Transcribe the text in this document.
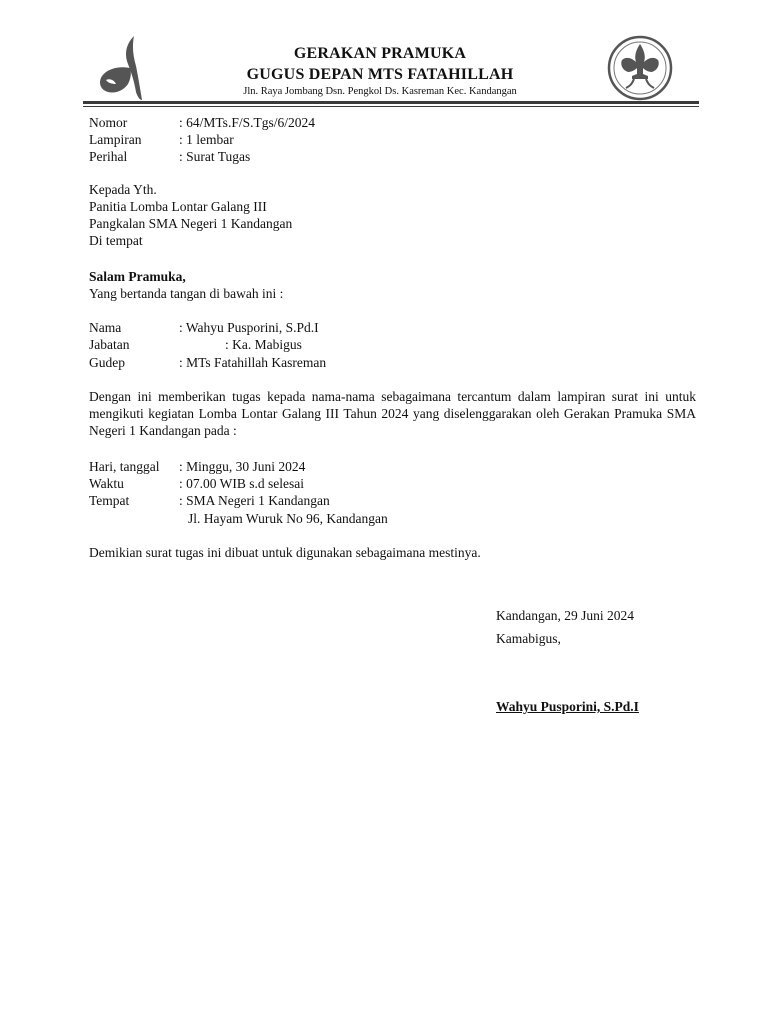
GERAKAN PRAMUKA
GUGUS DEPAN MTS FATAHILLAH
Jln. Raya Jombang Dsn. Pengkol Ds. Kasreman Kec. Kandangan
Nomor	: 64/MTs.F/S.Tgs/6/2024
Lampiran	: 1 lembar
Perihal	: Surat Tugas
Kepada Yth.
Panitia Lomba Lontar Galang III
Pangkalan SMA Negeri 1 Kandangan
Di tempat
Salam Pramuka,
Yang bertanda tangan di bawah ini :
Nama	: Wahyu Pusporini, S.Pd.I
Jabatan	: Ka. Mabigus
Gudep	: MTs Fatahillah Kasreman
Dengan ini memberikan tugas kepada nama-nama sebagaimana tercantum dalam lampiran surat ini untuk mengikuti kegiatan Lomba Lontar Galang III Tahun 2024 yang diselenggarakan oleh Gerakan Pramuka SMA Negeri 1 Kandangan pada :
Hari, tanggal : Minggu, 30 Juni 2024
Waktu	: 07.00 WIB s.d selesai
Tempat	: SMA Negeri 1 Kandangan
Jl. Hayam Wuruk No 96, Kandangan
Demikian surat tugas ini dibuat untuk digunakan sebagaimana mestinya.
Kandangan, 29 Juni 2024
Kamabigus,
Wahyu Pusporini, S.Pd.I
